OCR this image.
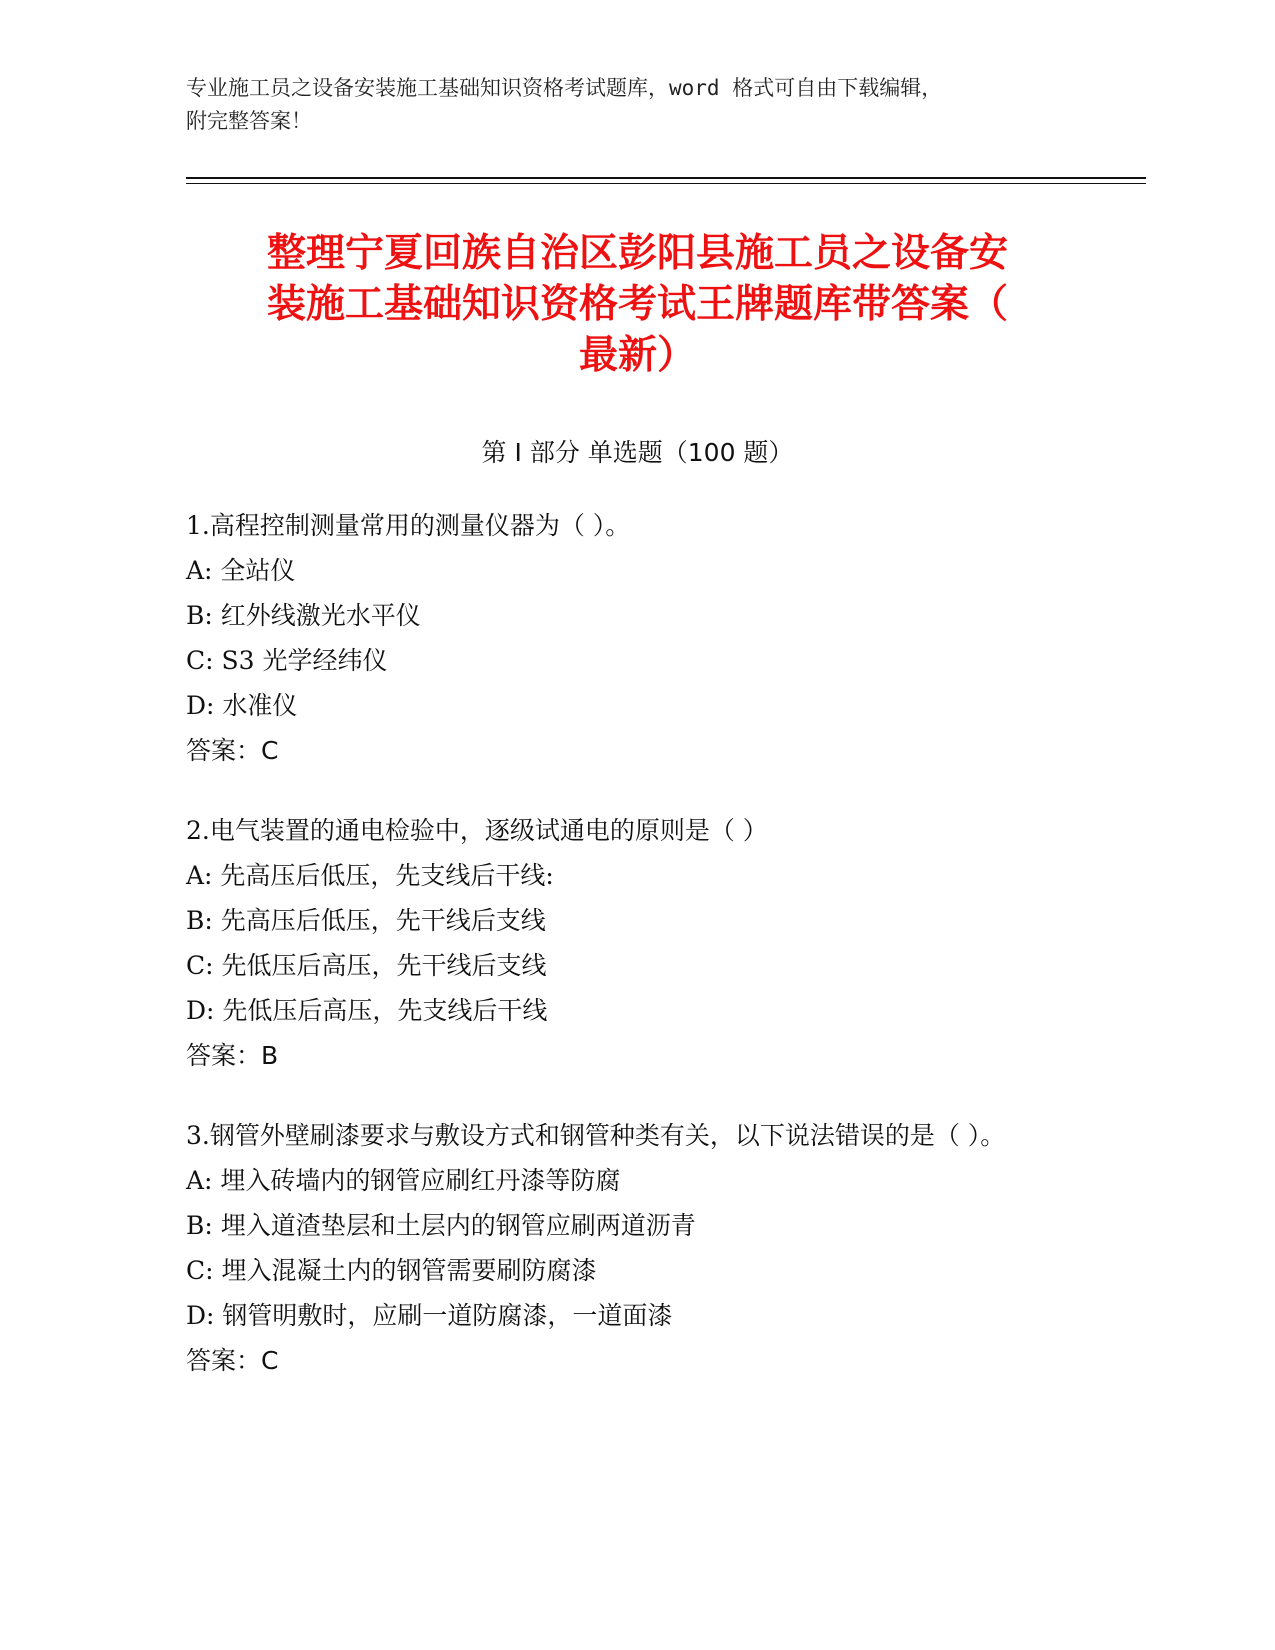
专业施工员之设备安装施工基础知识资格考试题库，word 格式可自由下载编辑，
附完整答案！
整理宁夏回族自治区彭阳县施工员之设备安
装施工基础知识资格考试王牌题库带答案（
最新）
第 I 部分 单选题（100 题）

1.高程控制测量常用的测量仪器为（ ）。

A: 全站仪

B: 红外线激光水平仪

C: S3 光学经纬仪

D: 水准仪

答案：C

2.电气装置的通电检验中，逐级试通电的原则是（ ）

A: 先高压后低压，先支线后干线:

B: 先高压后低压，先干线后支线

C: 先低压后高压，先干线后支线

D: 先低压后高压，先支线后干线

答案：B

3.钢管外壁刷漆要求与敷设方式和钢管种类有关，以下说法错误的是（ ）。

A: 埋入砖墙内的钢管应刷红丹漆等防腐

B: 埋入道渣垫层和土层内的钢管应刷两道沥青

C: 埋入混凝土内的钢管需要刷防腐漆

D: 钢管明敷时，应刷一道防腐漆，一道面漆

答案：C
